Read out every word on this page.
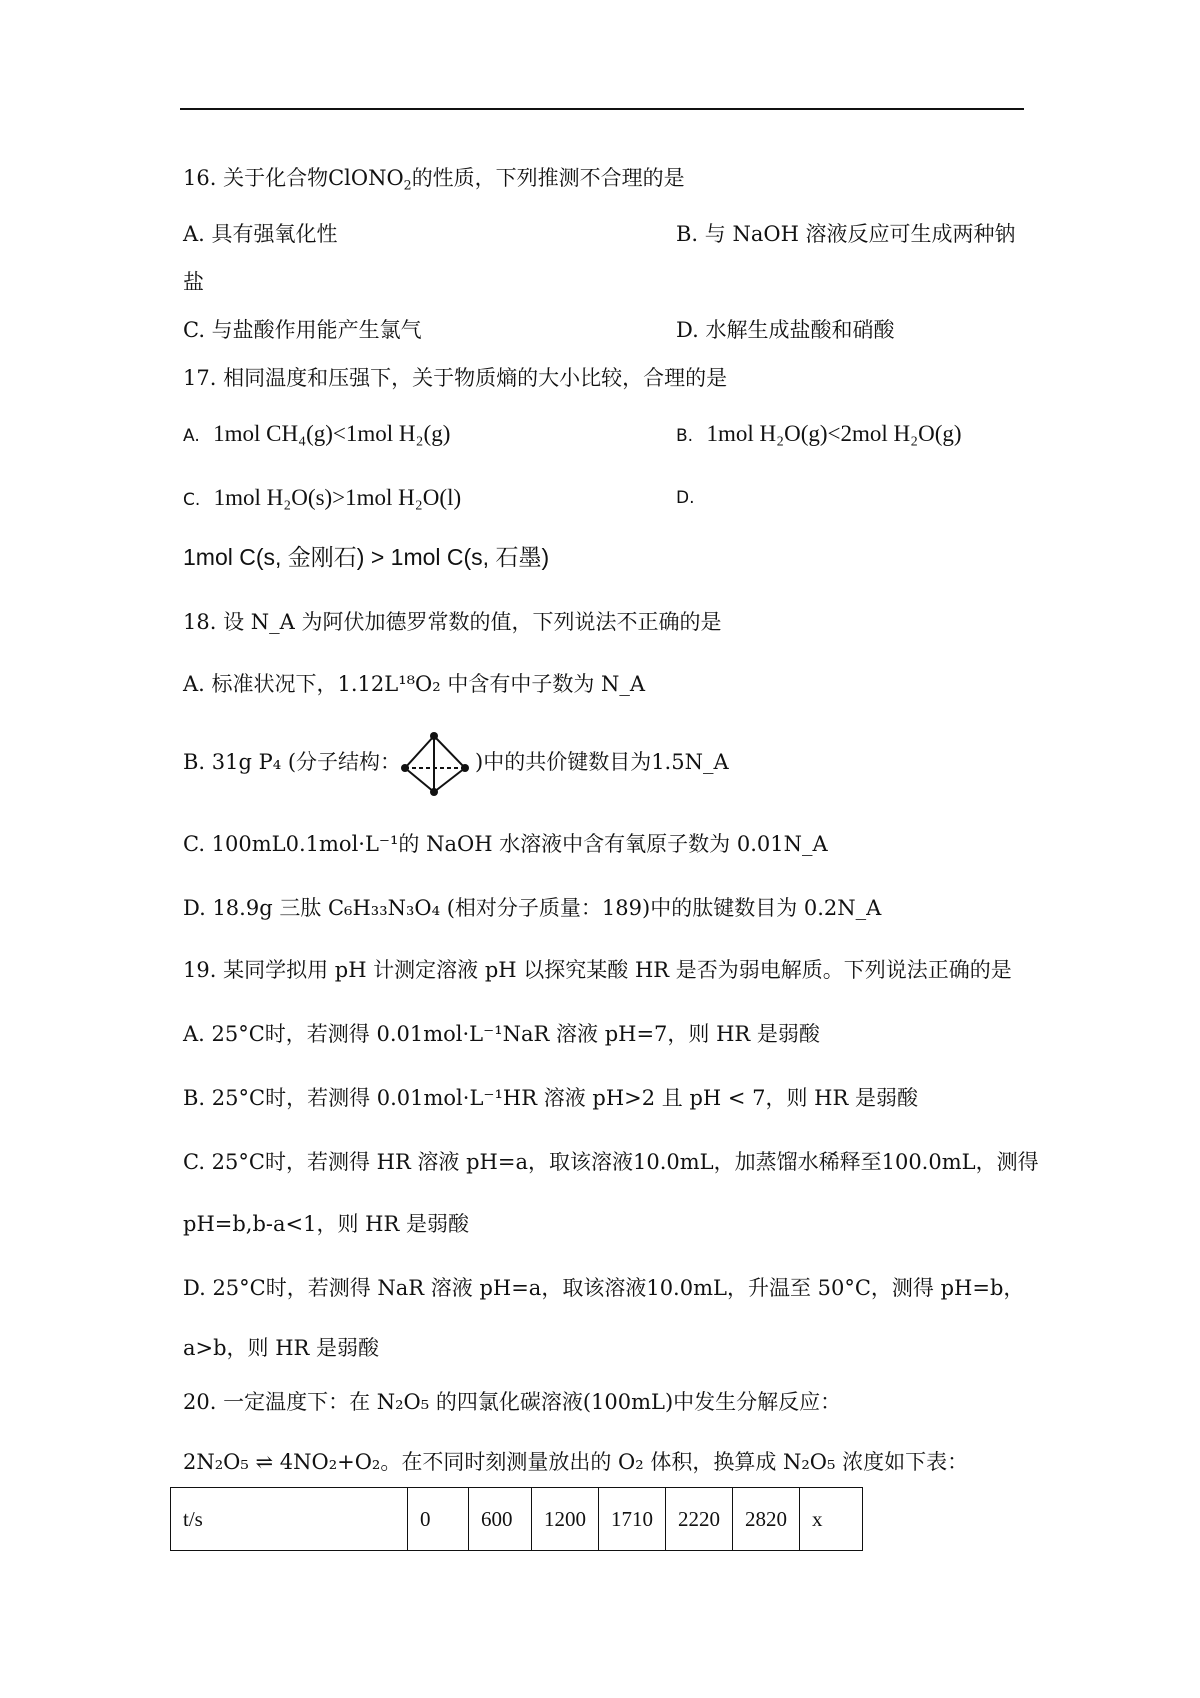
16. 关于化合物ClONO$_2$的性质，下列推测不合理的是
A. 具有强氧化性	B. 与 NaOH 溶液反应可生成两种钠
盐
C. 与盐酸作用能产生氯气	D. 水解生成盐酸和硝酸
17. 相同温度和压强下，关于物质熵的大小比较，合理的是
A. 1mol CH₄(g)<1mol H₂(g)	B. 1mol H₂O(g)<2mol H₂O(g)
C. 1mol H₂O(s)>1mol H₂O(l)	D.
1mol C(s, 金刚石) > 1mol C(s, 石墨)
18. 设 N_A 为阿伏加德罗常数的值，下列说法不正确的是
A. 标准状况下，1.12L¹⁸O₂ 中含有中子数为 N_A
B. 31g P₄ (分子结构：	)中的共价键数目为1.5N_A
C. 100mL0.1mol·L⁻¹的 NaOH 水溶液中含有氧原子数为 0.01N_A
D. 18.9g 三肽 C₆H₃₃N₃O₄ (相对分子质量：189)中的肽键数目为 0.2N_A
19. 某同学拟用 pH 计测定溶液 pH 以探究某酸 HR 是否为弱电解质。下列说法正确的是
A. 25°C时，若测得 0.01mol·L⁻¹NaR 溶液 pH=7，则 HR 是弱酸
B. 25°C时，若测得 0.01mol·L⁻¹HR 溶液 pH>2 且 pH < 7，则 HR 是弱酸
C. 25°C时，若测得 HR 溶液 pH=a，取该溶液10.0mL，加蒸馏水稀释至100.0mL，测得
pH=b,b-a<1，则 HR 是弱酸
D. 25°C时，若测得 NaR 溶液 pH=a，取该溶液10.0mL，升温至 50°C，测得 pH=b，
a>b，则 HR 是弱酸
20. 一定温度下：在 N₂O₅ 的四氯化碳溶液(100mL)中发生分解反应：
2N₂O₅ ⇌ 4NO₂+O₂。在不同时刻测量放出的 O₂ 体积，换算成 N₂O₅ 浓度如下表：
t/s	0	600	1200	1710	2220	2820	x
